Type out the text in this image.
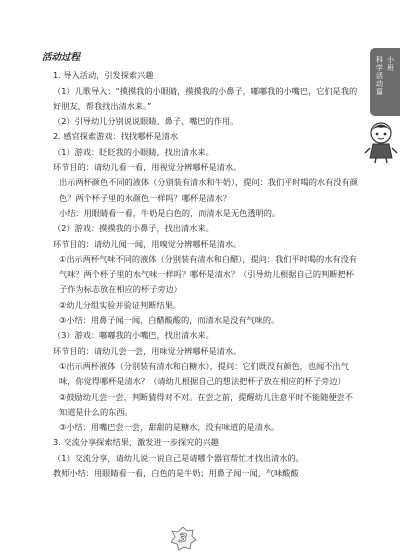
科学活动篇 小班

活动过程

1. 导入活动，引发探索兴趣

（1）儿歌导入：“摸摸我的小眼睛，摸摸我的小鼻子，嘟嘟我的小嘴巴，它们是我的好朋友，帮我找出清水来。”

（2）引导幼儿分别说说眼睛、鼻子、嘴巴的作用。

2. 感官探索游戏：找找哪杯是清水

（1）游戏：眨眨我的小眼睛，找出清水来。

环节目的：请幼儿看一看，用视觉分辨哪杯是清水。

出示两杯颜色不同的液体（分别装有清水和牛奶），提问：我们平时喝的水有没有颜色？两个杯子里的水颜色一样吗？哪杯是清水？

小结：用眼睛看一看，牛奶是白色的，而清水是无色透明的。

（2）游戏：摸摸我的小鼻子，找出清水来。

环节目的：请幼儿闻一闻，用嗅觉分辨哪杯是清水。

①出示两杯气味不同的液体（分别装有清水和白醋），提问：我们平时喝的水有没有气味？两个杯子里的水气味一样吗？哪杯是清水？（引导幼儿根据自己的判断把杯子作为标志放在相应的杯子旁边）

②幼儿分组实验并验证判断结果。

③小结：用鼻子闻一闻，白醋酸酸的，而清水是没有气味的。

（3）游戏：嘟嘟我的小嘴巴，找出清水来。

环节目的：请幼儿尝一尝，用味觉分辨哪杯是清水。

①出示两杯液体（分别装有清水和白糖水），提问：它们既没有颜色，也闻不出气味，你觉得哪杯是清水？（请幼儿根据自己的想法把杯子放在相应的杯子旁边）

②鼓励幼儿尝一尝，判断猜得对不对。在尝之前，提醒幼儿注意平时不能随便尝不知道是什么的东西。

③小结：用嘴巴尝一尝，甜甜的是糖水，没有味道的是清水。

3. 交流分享探索结果，激发进一步探究的兴趣

（1）交流分享，请幼儿说一说自己是请哪个器官帮忙才找出清水的。

教师小结：用眼睛看一看，白色的是牛奶；用鼻子闻一闻，气味酸酸

3
